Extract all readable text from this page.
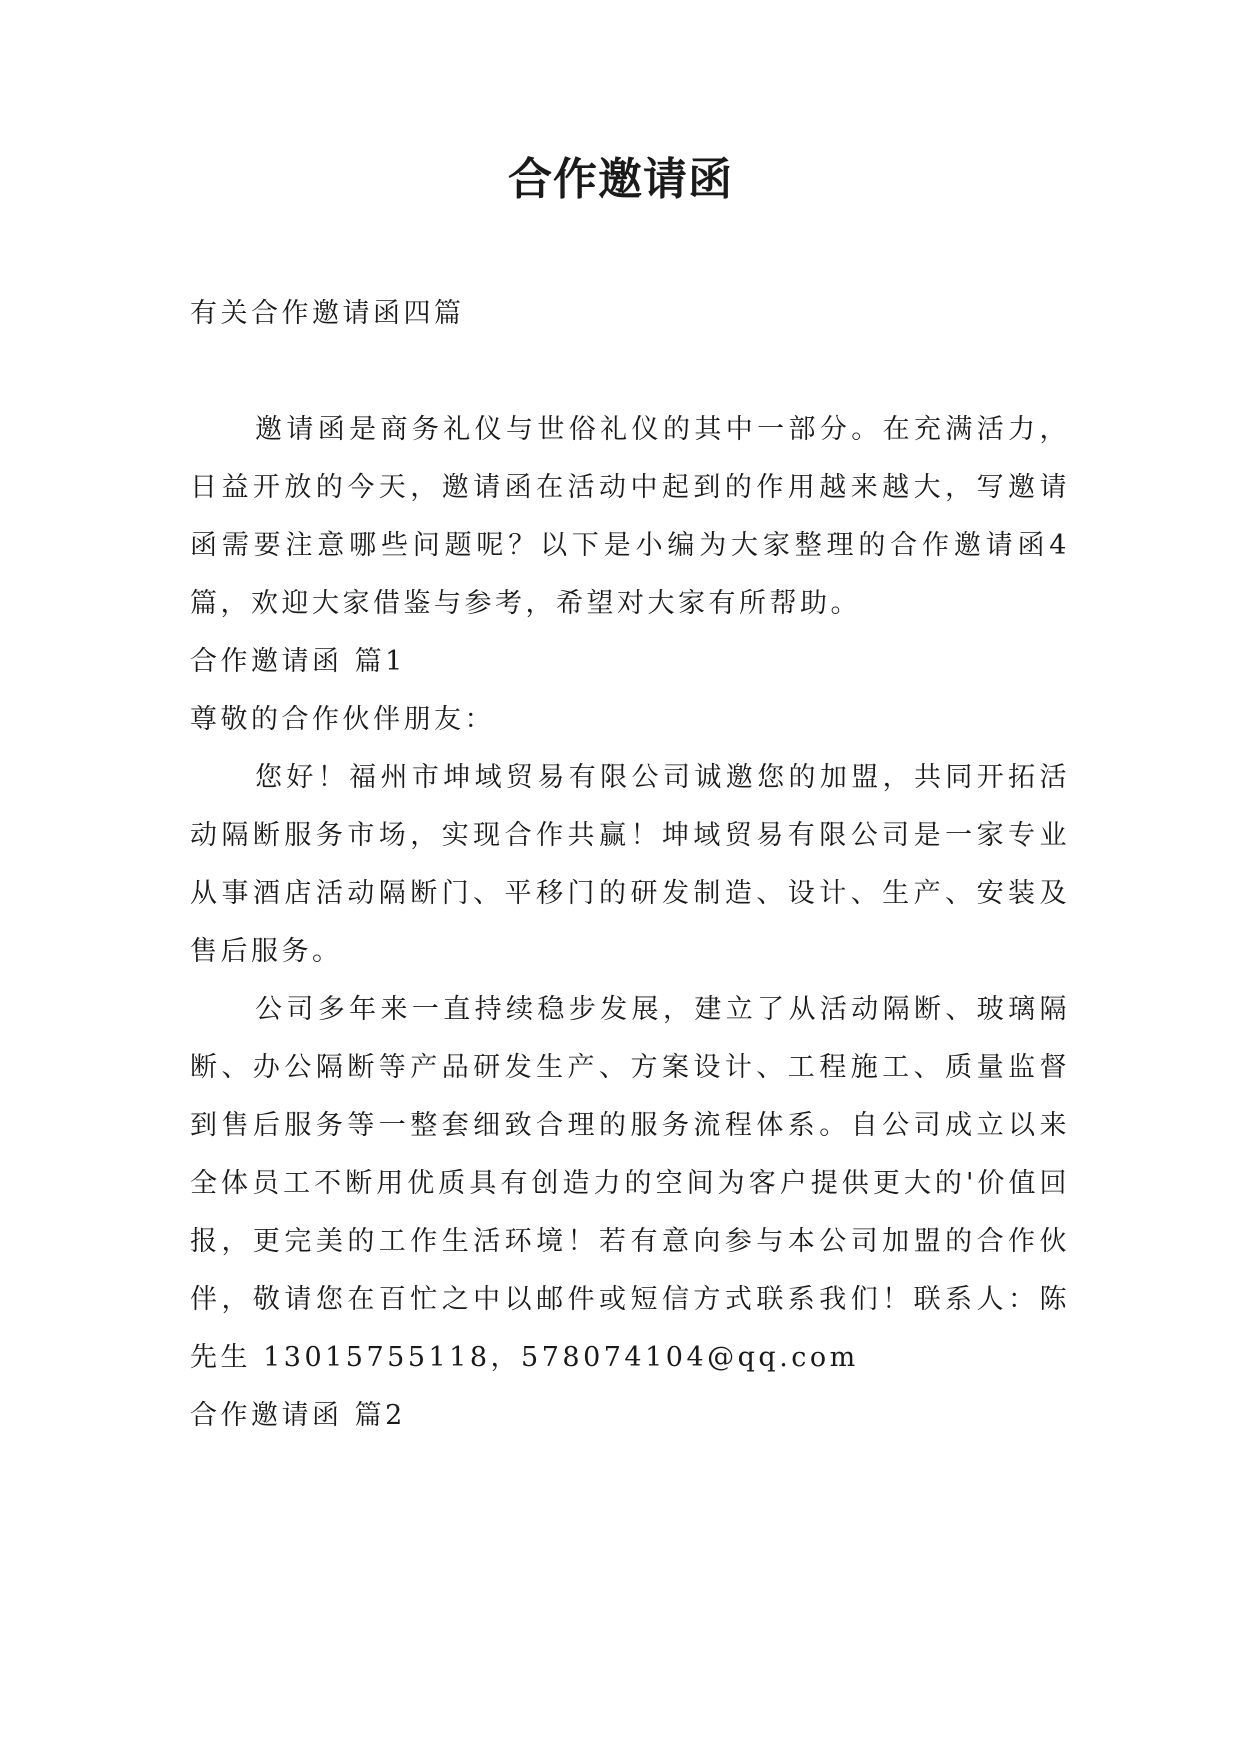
合作邀请函

有关合作邀请函四篇

邀请函是商务礼仪与世俗礼仪的其中一部分。在充满活力，日益开放的今天，邀请函在活动中起到的作用越来越大，写邀请函需要注意哪些问题呢？以下是小编为大家整理的合作邀请函4篇，欢迎大家借鉴与参考，希望对大家有所帮助。

合作邀请函 篇1

尊敬的合作伙伴朋友：

您好！福州市坤域贸易有限公司诚邀您的加盟，共同开拓活动隔断服务市场，实现合作共赢！坤域贸易有限公司是一家专业从事酒店活动隔断门、平移门的研发制造、设计、生产、安装及售后服务。

公司多年来一直持续稳步发展，建立了从活动隔断、玻璃隔断、办公隔断等产品研发生产、方案设计、工程施工、质量监督到售后服务等一整套细致合理的服务流程体系。自公司成立以来全体员工不断用优质具有创造力的空间为客户提供更大的'价值回报，更完美的工作生活环境！若有意向参与本公司加盟的合作伙伴，敬请您在百忙之中以邮件或短信方式联系我们！联系人：陈先生 13015755118，578074104@qq.com

合作邀请函 篇2
